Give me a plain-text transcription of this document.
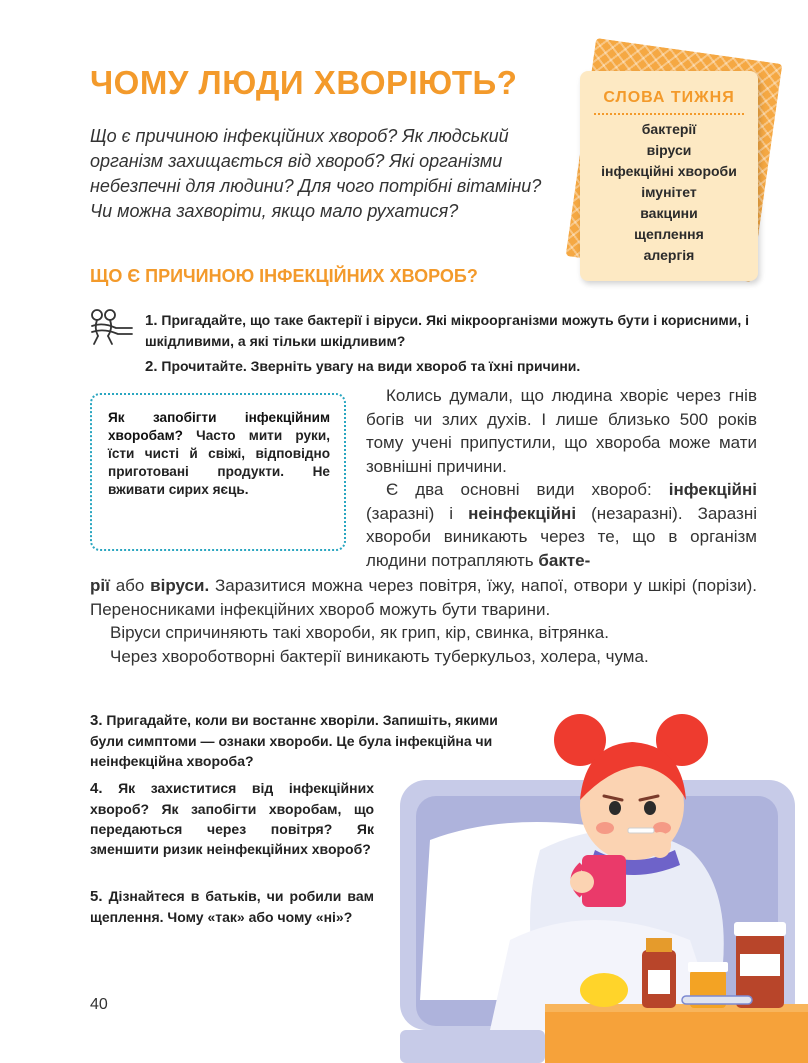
ЧОМУ ЛЮДИ ХВОРІЮТЬ?

Що є причиною інфекційних хвороб? Як людський організм захищається від хвороб? Які організми небезпечні для людини? Для чого потрібні вітаміни? Чи можна захворіти, якщо мало рухатися?

СЛОВА ТИЖНЯ

бактерії
віруси
інфекційні хвороби
імунітет
вакцини
щеплення
алергія
ЩО Є ПРИЧИНОЮ ІНФЕКЦІЙНИХ ХВОРОБ?

1. Пригадайте, що таке бактерії і віруси. Які мікроорганізми можуть бути і корисними, і шкідливими, а які тільки шкідливим?

2. Прочитайте. Зверніть увагу на види хвороб та їхні причини.

Як запобігти інфекційним хворобам? Часто мити руки, їсти чисті й свіжі, відповідно приготовані продукти. Не вживати сирих яєць.

Колись думали, що людина хворіє через гнів богів чи злих духів. І лише близько 500 років тому учені припустили, що хвороба може мати зовнішні причини.

Є два основні види хвороб: інфекційні (заразні) і неінфекційні (незаразні). Заразні хвороби виникають через те, що в організм людини потрапляють бакте-

рії або віруси. Заразитися можна через повітря, їжу, напої, отвори у шкірі (порізи). Переносниками інфекційних хвороб можуть бути тварини.

Віруси спричиняють такі хвороби, як грип, кір, свинка, вітрянка.

Через хвороботворні бактерії виникають туберкульоз, холера, чума.

3. Пригадайте, коли ви востаннє хворіли. Запишіть, якими були симптоми — ознаки хвороби. Це була інфекційна чи неінфекційна хвороба?

4. Як захиститися від інфекційних хвороб? Як запобігти хворобам, що передаються через повітря? Як зменшити ризик неінфекційних хвороб?

5. Дізнайтеся в батьків, чи робили вам щеплення. Чому «так» або чому «ні»?

40
